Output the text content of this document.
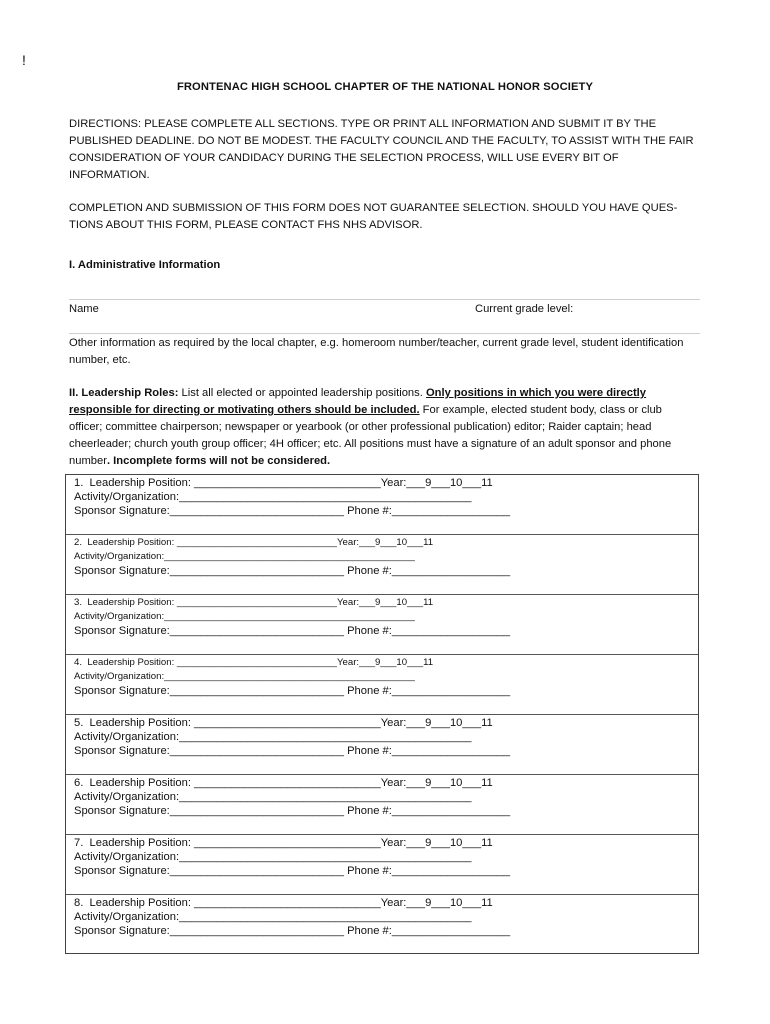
!
FRONTENAC HIGH SCHOOL CHAPTER OF THE NATIONAL HONOR SOCIETY

DIRECTIONS: PLEASE COMPLETE ALL SECTIONS. TYPE OR PRINT ALL INFORMATION AND SUBMIT IT BY THE PUBLISHED DEADLINE. DO NOT BE MODEST. THE FACULTY COUNCIL AND THE FACULTY, TO ASSIST WITH THE FAIR CONSIDERATION OF YOUR CANDIDACY DURING THE SELECTION PROCESS, WILL USE EVERY BIT OF INFORMATION.

COMPLETION AND SUBMISSION OF THIS FORM DOES NOT GUARANTEE SELECTION. SHOULD YOU HAVE QUES-TIONS ABOUT THIS FORM, PLEASE CONTACT FHS NHS ADVISOR.

I. Administrative Information
Name	Current grade level:

Other information as required by the local chapter, e.g. homeroom number/teacher, current grade level, student identification number, etc.

II. Leadership Roles: List all elected or appointed leadership positions. Only positions in which you were directly responsible for directing or motivating others should be included. For example, elected student body, class or club officer; committee chairperson; newspaper or yearbook (or other professional publication) editor; Raider captain; head cheerleader; church youth group officer; 4H officer; etc. All positions must have a signature of an adult sponsor and phone number. Incomplete forms will not be considered.

1.  Leadership Position: ______________________________Year:___9___10___11
Activity/Organization:_______________________________________________
Sponsor Signature:____________________________ Phone #:___________________
2.  Leadership Position: ______________________________Year:___9___10___11
Activity/Organization:_______________________________________________
Sponsor Signature:____________________________ Phone #:___________________
3.  Leadership Position: ______________________________Year:___9___10___11
Activity/Organization:_______________________________________________
Sponsor Signature:____________________________ Phone #:___________________
4.  Leadership Position: ______________________________Year:___9___10___11
Activity/Organization:_______________________________________________
Sponsor Signature:____________________________ Phone #:___________________
5.  Leadership Position: ______________________________Year:___9___10___11
Activity/Organization:_______________________________________________
Sponsor Signature:____________________________ Phone #:___________________
6.  Leadership Position: ______________________________Year:___9___10___11
Activity/Organization:_______________________________________________
Sponsor Signature:____________________________ Phone #:___________________
7.  Leadership Position: ______________________________Year:___9___10___11
Activity/Organization:_______________________________________________
Sponsor Signature:____________________________ Phone #:___________________
8.  Leadership Position: ______________________________Year:___9___10___11
Activity/Organization:_______________________________________________
Sponsor Signature:____________________________ Phone #:___________________
